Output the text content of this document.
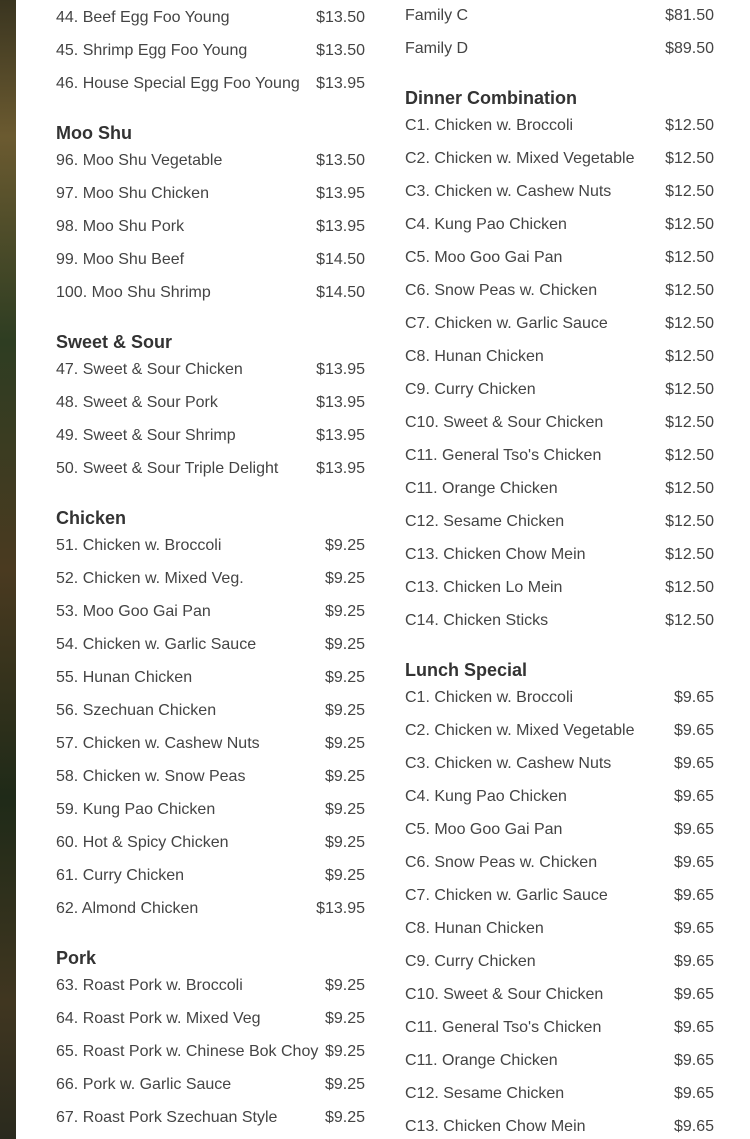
44. Beef Egg Foo Young	$13.50
45. Shrimp Egg Foo Young	$13.50
46. House Special Egg Foo Young $13.95
Moo Shu
96. Moo Shu Vegetable	$13.50
97. Moo Shu Chicken	$13.95
98. Moo Shu Pork	$13.95
99. Moo Shu Beef	$14.50
100. Moo Shu Shrimp	$14.50
Sweet & Sour
47. Sweet & Sour Chicken	$13.95
48. Sweet & Sour Pork	$13.95
49. Sweet & Sour Shrimp	$13.95
50. Sweet & Sour Triple Delight $13.95
Chicken
51. Chicken w. Broccoli	$9.25
52. Chicken w. Mixed Veg.	$9.25
53. Moo Goo Gai Pan	$9.25
54. Chicken w. Garlic Sauce	$9.25
55. Hunan Chicken	$9.25
56. Szechuan Chicken	$9.25
57. Chicken w. Cashew Nuts	$9.25
58. Chicken w. Snow Peas	$9.25
59. Kung Pao Chicken	$9.25
60. Hot & Spicy Chicken	$9.25
61. Curry Chicken	$9.25
62. Almond Chicken	$13.95
Pork
63. Roast Pork w. Broccoli	$9.25
64. Roast Pork w. Mixed Veg	$9.25
65. Roast Pork w. Chinese Bok Choy $9.25
66. Pork w. Garlic Sauce	$9.25
67. Roast Pork Szechuan Style	$9.25
Family C	$81.50
Family D	$89.50
Dinner Combination
C1. Chicken w. Broccoli	$12.50
C2. Chicken w. Mixed Vegetable $12.50
C3. Chicken w. Cashew Nuts	$12.50
C4. Kung Pao Chicken	$12.50
C5. Moo Goo Gai Pan	$12.50
C6. Snow Peas w. Chicken	$12.50
C7. Chicken w. Garlic Sauce	$12.50
C8. Hunan Chicken	$12.50
C9. Curry Chicken	$12.50
C10. Sweet & Sour Chicken	$12.50
C11. General Tso's Chicken	$12.50
C11. Orange Chicken	$12.50
C12. Sesame Chicken	$12.50
C13. Chicken Chow Mein	$12.50
C13. Chicken Lo Mein	$12.50
C14. Chicken Sticks	$12.50
Lunch Special
C1. Chicken w. Broccoli	$9.65
C2. Chicken w. Mixed Vegetable $9.65
C3. Chicken w. Cashew Nuts	$9.65
C4. Kung Pao Chicken	$9.65
C5. Moo Goo Gai Pan	$9.65
C6. Snow Peas w. Chicken	$9.65
C7. Chicken w. Garlic Sauce	$9.65
C8. Hunan Chicken	$9.65
C9. Curry Chicken	$9.65
C10. Sweet & Sour Chicken	$9.65
C11. General Tso's Chicken	$9.65
C11. Orange Chicken	$9.65
C12. Sesame Chicken	$9.65
C13. Chicken Chow Mein	$9.65
